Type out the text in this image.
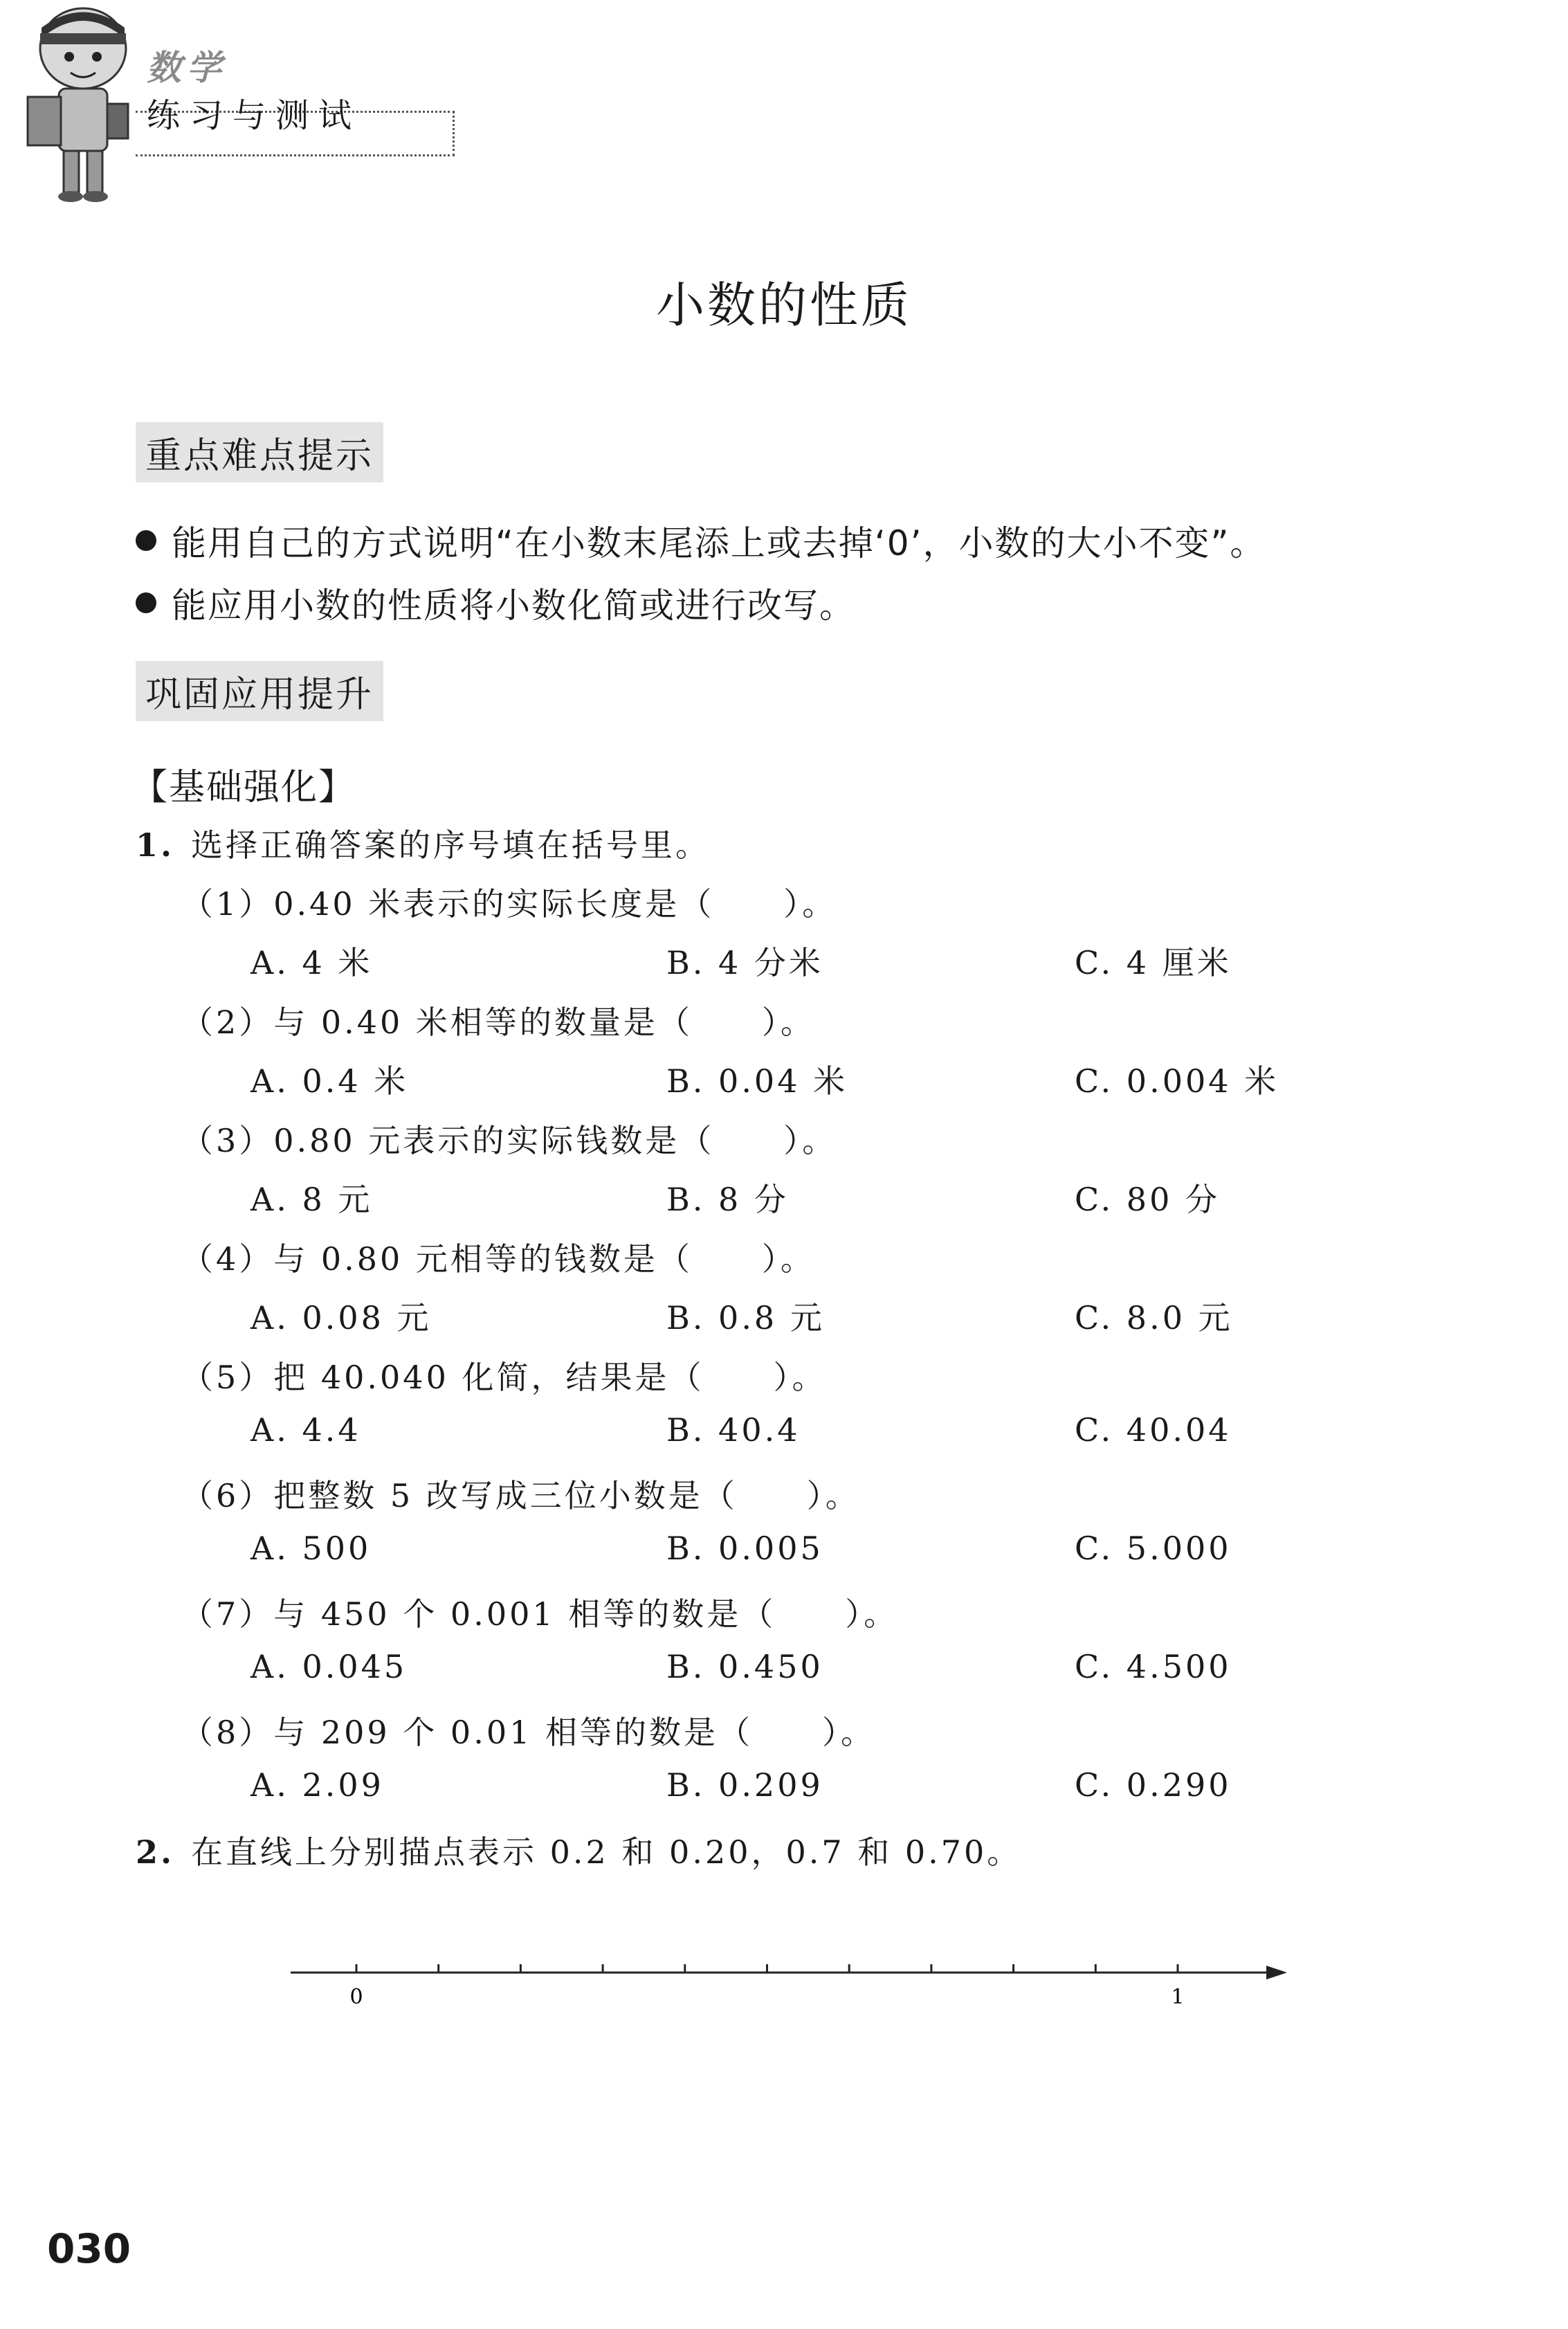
数学
练习与测试
小数的性质
重点难点提示
能用自己的方式说明“在小数末尾添上或去掉‘0’，小数的大小不变”。
能应用小数的性质将小数化简或进行改写。
巩固应用提升
【基础强化】
1. 选择正确答案的序号填在括号里。
（1）0.40 米表示的实际长度是（　　）。
A. 4 米	B. 4 分米	C. 4 厘米
（2）与 0.40 米相等的数量是（　　）。
A. 0.4 米	B. 0.04 米	C. 0.004 米
（3）0.80 元表示的实际钱数是（　　）。
A. 8 元	B. 8 分	C. 80 分
（4）与 0.80 元相等的钱数是（　　）。
A. 0.08 元	B. 0.8 元	C. 8.0 元
（5）把 40.040 化简，结果是（　　）。
A. 4.4	B. 40.4	C. 40.04
（6）把整数 5 改写成三位小数是（　　）。
A. 500	B. 0.005	C. 5.000
（7）与 450 个 0.001 相等的数是（　　）。
A. 0.045	B. 0.450	C. 4.500
（8）与 209 个 0.01 相等的数是（　　）。
A. 2.09	B. 0.209	C. 0.290
2. 在直线上分别描点表示 0.2 和 0.20，0.7 和 0.70。
0	1
030
